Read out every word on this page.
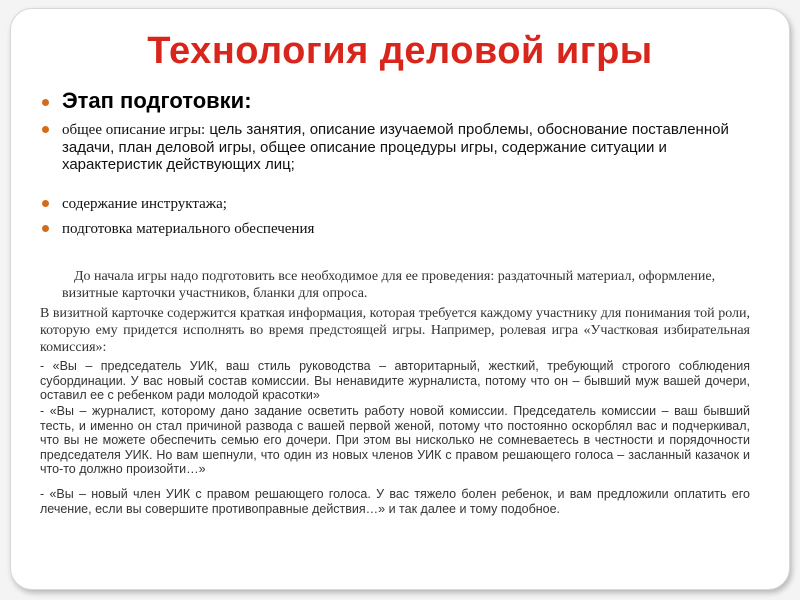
Технология деловой игры
Этап подготовки:
общее описание игры: цель занятия, описание изучаемой проблемы, обоснование поставленной задачи, план деловой игры, общее описание процедуры игры, содержание ситуации и характеристик действующих лиц;
содержание инструктажа;
подготовка материального обеспечения
До начала игры надо подготовить все необходимое для ее проведения: раздаточный материал, оформление, визитные карточки участников, бланки для опроса.
В визитной карточке содержится краткая информация, которая требуется каждому участнику для понимания той роли, которую ему придется исполнять во время предстоящей игры. Например, ролевая игра «Участковая избирательная комиссия»:
- «Вы – председатель УИК, ваш стиль руководства – авторитарный, жесткий, требующий строгого соблюдения субординации. У вас новый состав комиссии. Вы ненавидите журналиста, потому что он – бывший муж вашей дочери, оставил ее с ребенком ради молодой красотки»
- «Вы – журналист, которому дано задание осветить работу новой комиссии. Председатель комиссии – ваш бывший тесть, и именно он стал причиной развода с вашей первой женой, потому что постоянно оскорблял вас и подчеркивал, что вы не можете обеспечить семью его дочери. При этом вы нисколько не сомневаетесь в честности и порядочности председателя УИК. Но вам шепнули, что один из новых членов УИК с правом решающего голоса – засланный казачок и что-то должно произойти…»
- «Вы – новый член УИК с правом решающего голоса. У вас тяжело болен ребенок, и вам предложили оплатить его лечение, если вы совершите противоправные действия…» и так далее и тому подобное.
